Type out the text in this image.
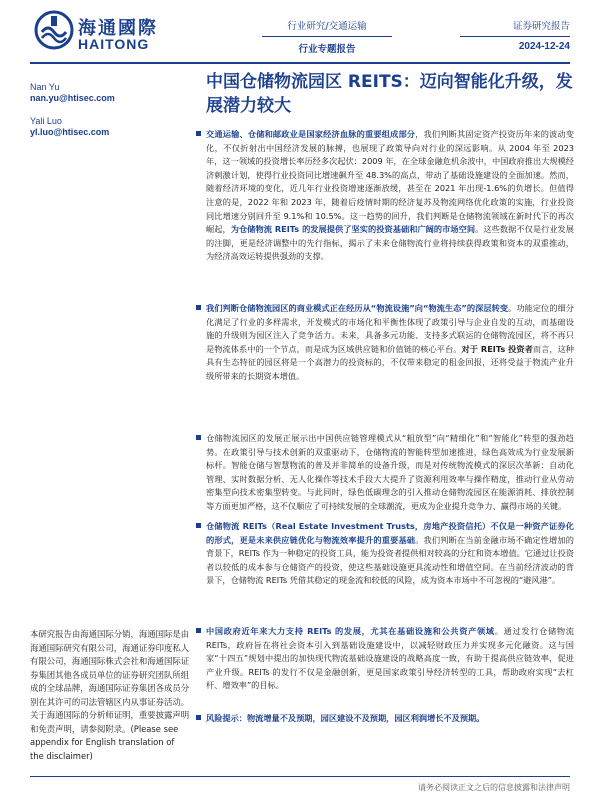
海通國際
HAITONG
行业研究/交通运输
行业专题报告
证券研究报告
2024-12-24
Nan Yu
nan.yu@htisec.com
Yali Luo
yl.luo@htisec.com
中国仓储物流园区 REITS：迈向智能化升级，发展潜力较大
交通运输、仓储和邮政业是国家经济血脉的重要组成部分，我们判断其固定资产投资历年来的波动变化，不仅折射出中国经济发展的脉搏，也展现了政策导向对行业的深远影响。从 2004 年至 2023 年，这一领域的投资增长率历经多次起伏：2009 年，在全球金融危机余波中，中国政府推出大规模经济刺激计划，使得行业投资同比增速飙升至 48.3%的高点，带动了基础设施建设的全面加速。然而，随着经济环境的变化，近几年行业投资增速逐渐放缓，甚至在 2021 年出现-1.6%的负增长。但值得注意的是，2022 年和 2023 年，随着后疫情时期的经济复苏及物流网络优化政策的实施，行业投资同比增速分别回升至 9.1%和 10.5%。这一趋势的回升，我们判断是仓储物流领域在新时代下的再次崛起，为仓储物流 REITs 的发展提供了坚实的投资基础和广阔的市场空间。这些数据不仅是行业发展的注脚，更是经济调整中的先行指标，揭示了未来仓储物流行业将持续获得政策和资本的双重推动，为经济高效运转提供强劲的支撑。
我们判断仓储物流园区的商业模式正在经历从“物流设施”向“物流生态”的深层转变。功能定位的细分化满足了行业的多样需求，开发模式的市场化和平衡性体现了政策引导与企业自发的互动，而基础设施的升级则为园区注入了竞争活力。未来，具备多元功能、支持多式联运的仓储物流园区，将不再只是物流体系中的一个节点，而是成为区域供应链和价值链的核心平台。对于 REITs 投资者而言，这种具有生态特征的园区将是一个高潜力的投资标的，不仅带来稳定的租金回报，还将受益于物流产业升级所带来的长期资本增值。
仓储物流园区的发展正展示出中国供应链管理模式从“粗放型”向“精细化”和“智能化”转型的强劲趋势。在政策引导与技术创新的双重驱动下，仓储物流的智能转型加速推进，绿色高效成为行业发展新标杆。智能仓储与智慧物流的普及并非简单的设备升级，而是对传统物流模式的深层次革新：自动化管理、实时数据分析、无人化操作等技术手段大大提升了资源利用效率与操作精度，推动行业从劳动密集型向技术密集型转变。与此同时，绿色低碳理念的引入推动仓储物流园区在能源消耗、排放控制等方面更加严格，这不仅顺应了可持续发展的全球潮流，更成为企业提升竞争力、赢得市场的关键。
仓储物流 REITs（Real Estate Investment Trusts，房地产投资信托）不仅是一种资产证券化的形式，更是未来供应链优化与物流效率提升的重要基础。我们判断在当前金融市场不确定性增加的背景下，REITs 作为一种稳定的投资工具，能为投资者提供相对较高的分红和资本增值。它通过让投资者以较低的成本参与仓储资产的投资，使这些基础设施更具流动性和增值空间。在当前经济波动的背景下，仓储物流 REITs 凭借其稳定的现金流和较低的风险，成为资本市场中不可忽视的“避风港”。
中国政府近年来大力支持 REITs 的发展，尤其在基础设施和公共资产领域。通过发行仓储物流 REITs，政府旨在将社会资本引入到基础设施建设中，以减轻财政压力并实现多元化融资。这与国家“十四五”规划中提出的加快现代物流基础设施建设的战略高度一致，有助于提高供应链效率，促进产业升级。REITs 的发行不仅是金融创新，更是国家政策引导经济转型的工具，帮助政府实现“去杠杆、增效率”的目标。
风险提示：物流增量不及预期，园区建设不及预期，园区利润增长不及预期。
本研究报告由海通国际分销，海通国际是由海通国际研究有限公司，海通证券印度私人有限公司，海通国际株式会社和海通国际证券集团其他各成员单位的证券研究团队所组成的全球品牌，海通国际证券集团各成员分别在其许可的司法管辖区内从事证券活动。关于海通国际的分析师证明，重要披露声明和免责声明，请参阅附录。(Please see appendix for English translation of the disclaimer)
请务必阅读正文之后的信息披露和法律声明
